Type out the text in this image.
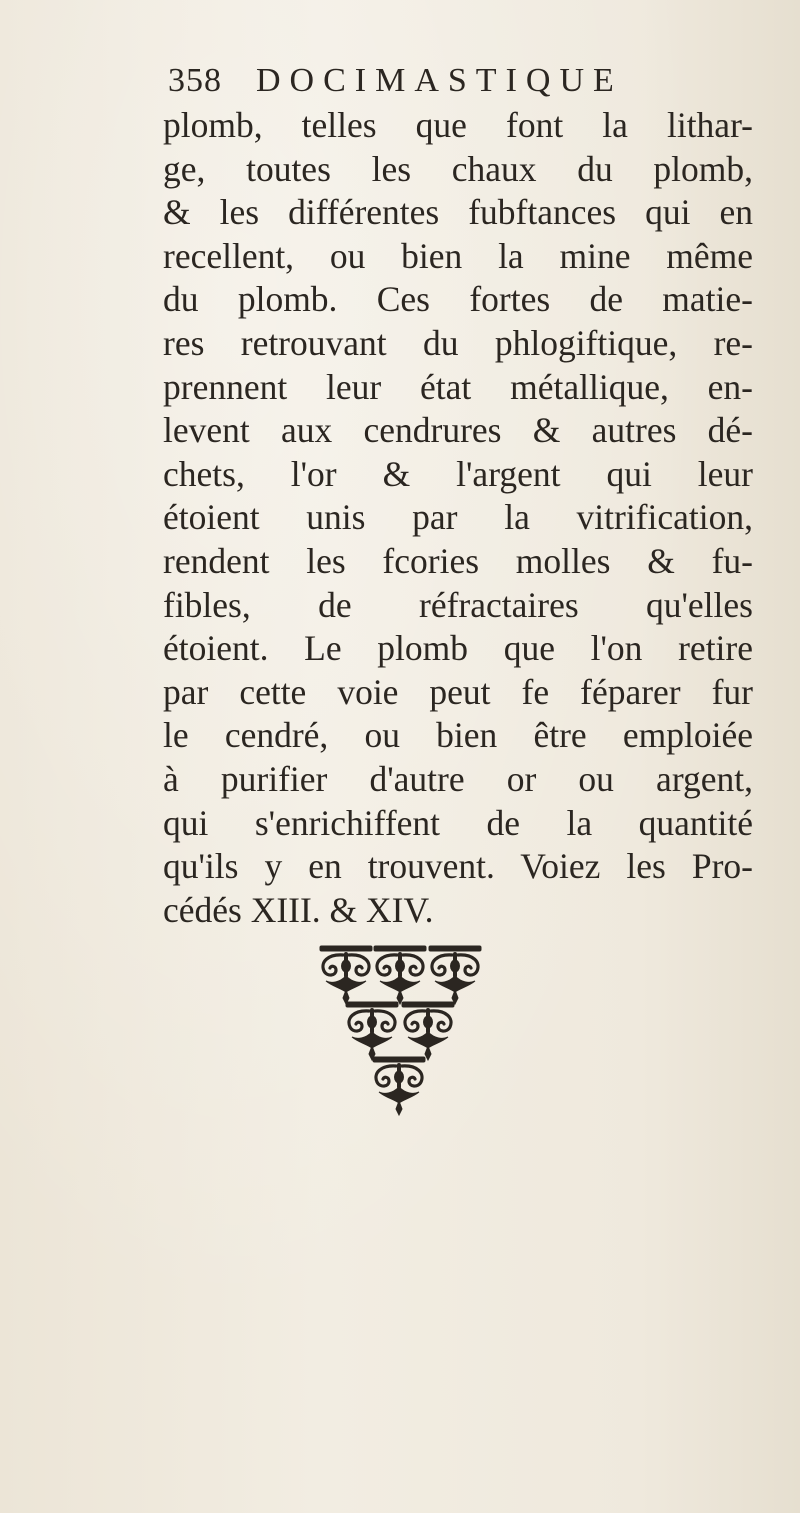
358 DOCIMASTIQUE
plomb, telles que font la lithar-
ge, toutes les chaux du plomb,
& les différentes fubftances qui en
recellent, ou bien la mine même
du plomb. Ces fortes de matie-
res retrouvant du phlogiftique, re-
prennent leur état métallique, en-
levent aux cendrures & autres dé-
chets, l'or & l'argent qui leur
étoient unis par la vitrification,
rendent les fcories molles & fu-
fibles, de réfractaires qu'elles
étoient. Le plomb que l'on retire
par cette voie peut fe féparer fur
le cendré, ou bien être emploiée
à purifier d'autre or ou argent,
qui s'enrichiffent de la quantité
qu'ils y en trouvent. Voiez les Pro-
cédés XIII. & XIV.
